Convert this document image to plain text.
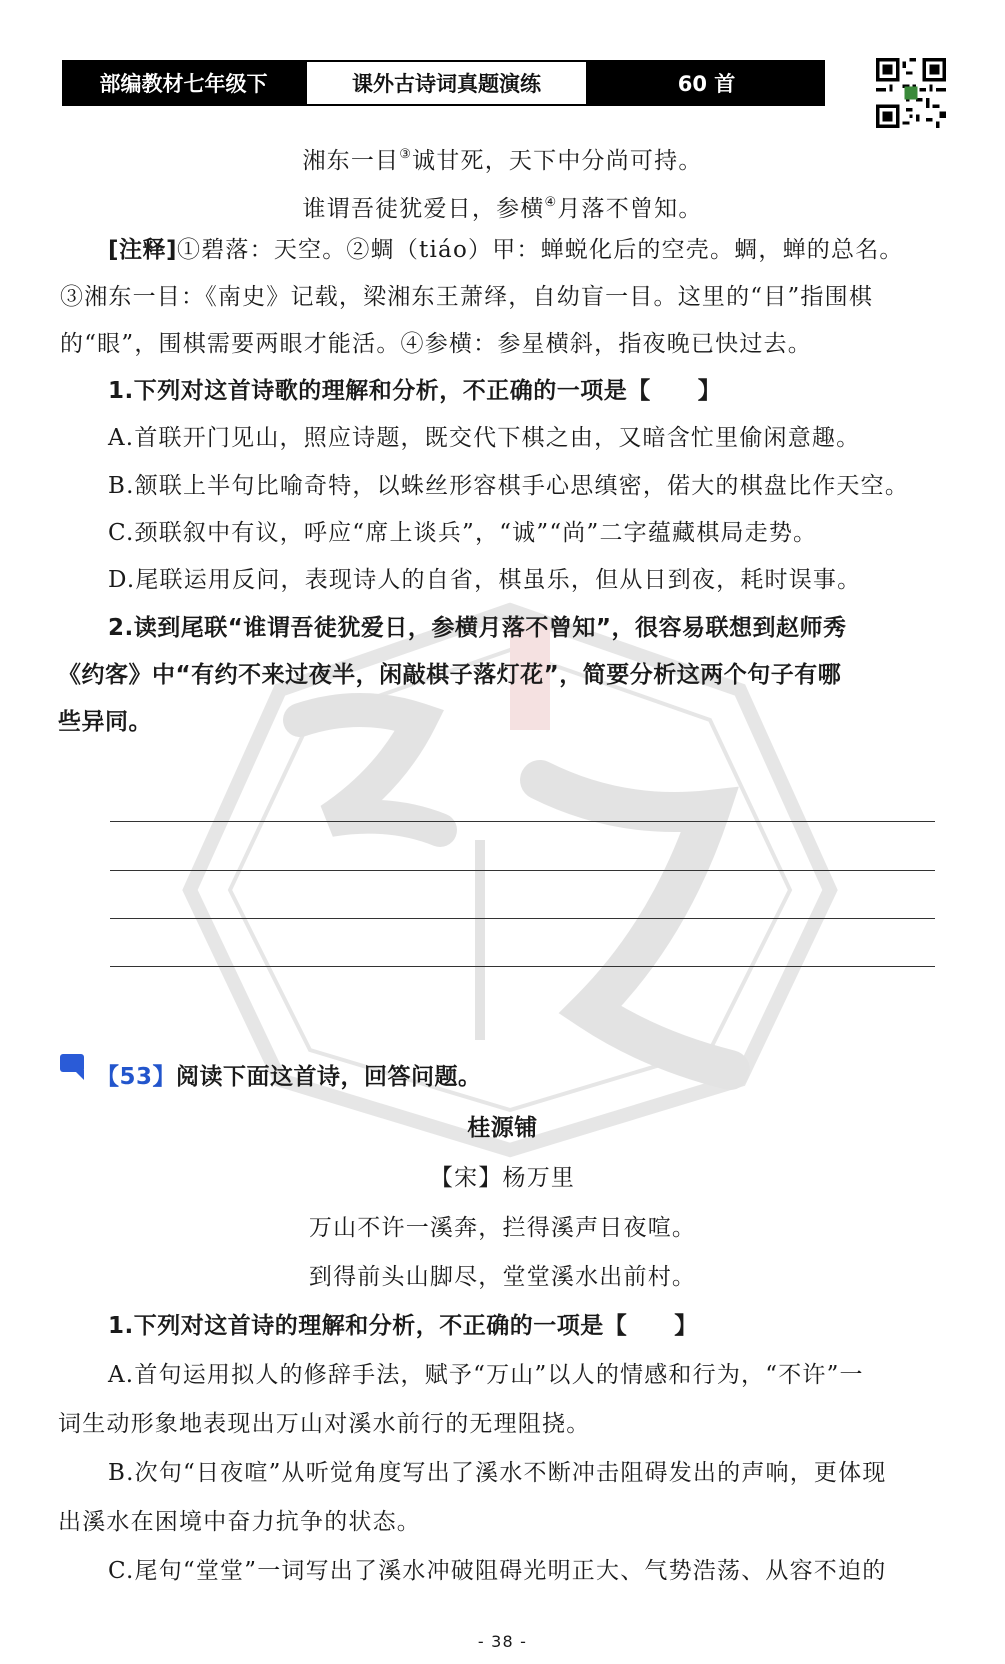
部编教材七年级下	课外古诗词真题演练	60 首
湘东一目③诚甘死，天下中分尚可持。
谁谓吾徒犹爱日，参横④月落不曾知。
[注释]①碧落：天空。②蜩（tiáo）甲：蝉蜕化后的空壳。蜩，蝉的总名。
③湘东一目：《南史》记载，梁湘东王萧绎，自幼盲一目。这里的“目”指围棋
的“眼”，围棋需要两眼才能活。④参横：参星横斜，指夜晚已快过去。
1.下列对这首诗歌的理解和分析，不正确的一项是【　　】
A.首联开门见山，照应诗题，既交代下棋之由，又暗含忙里偷闲意趣。
B.颔联上半句比喻奇特，以蛛丝形容棋手心思缜密，偌大的棋盘比作天空。
C.颈联叙中有议，呼应“席上谈兵”，“诚”“尚”二字蕴藏棋局走势。
D.尾联运用反问，表现诗人的自省，棋虽乐，但从日到夜，耗时误事。
2.读到尾联“谁谓吾徒犹爱日，参横月落不曾知”，很容易联想到赵师秀
《约客》中“有约不来过夜半，闲敲棋子落灯花”，简要分析这两个句子有哪
些异同。
【53】阅读下面这首诗，回答问题。
桂源铺
【宋】杨万里
万山不许一溪奔，拦得溪声日夜喧。
到得前头山脚尽，堂堂溪水出前村。
1.下列对这首诗的理解和分析，不正确的一项是【　　】
A.首句运用拟人的修辞手法，赋予“万山”以人的情感和行为，“不许”一
词生动形象地表现出万山对溪水前行的无理阻挠。
B.次句“日夜喧”从听觉角度写出了溪水不断冲击阻碍发出的声响，更体现
出溪水在困境中奋力抗争的状态。
C.尾句“堂堂”一词写出了溪水冲破阻碍光明正大、气势浩荡、从容不迫的
- 38 -
